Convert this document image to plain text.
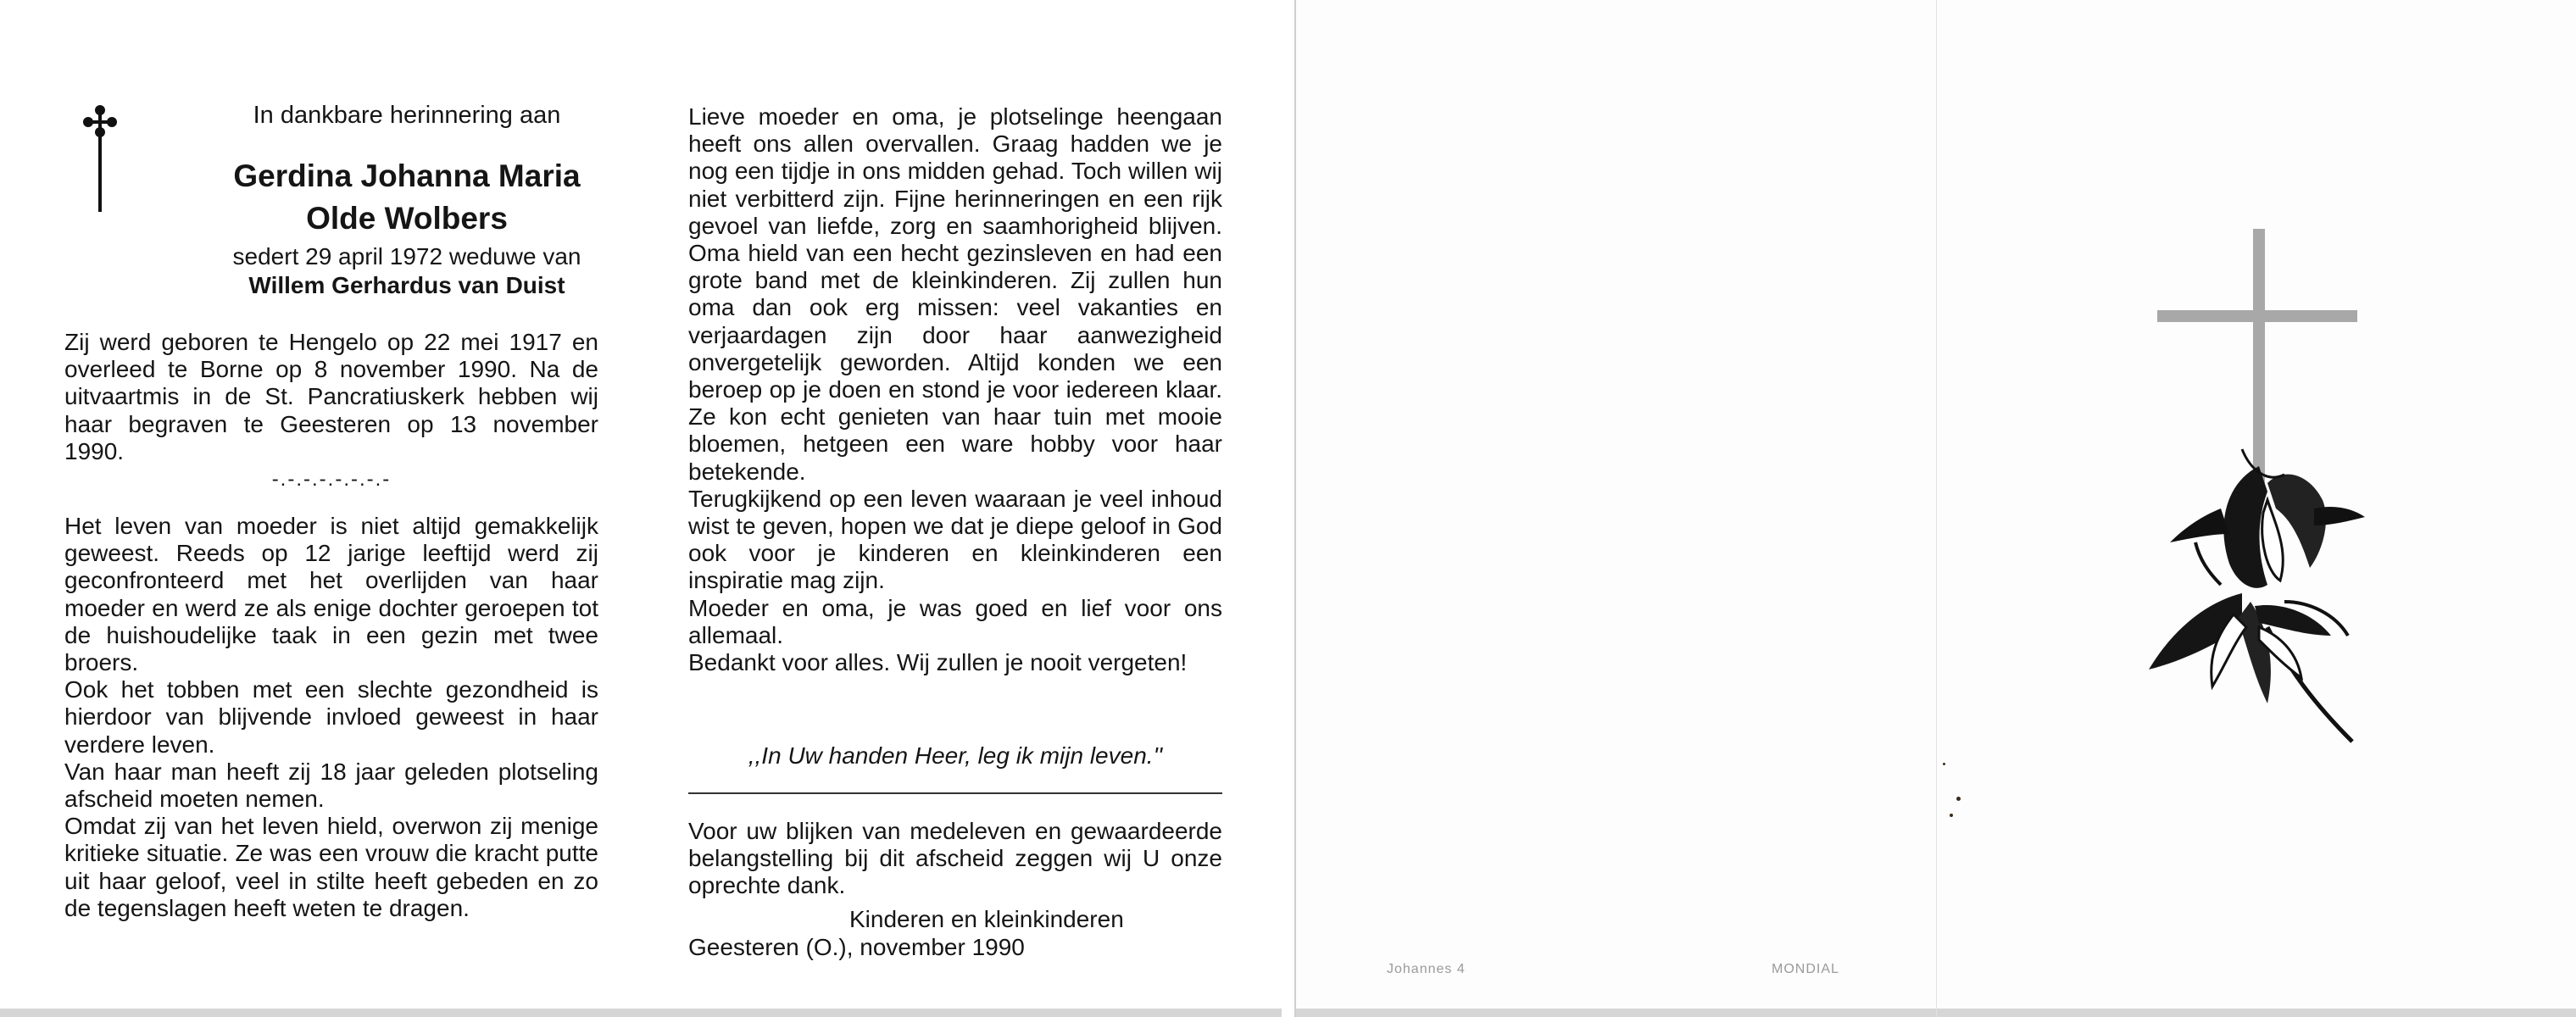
In dankbare herinnering aan
Gerdina Johanna Maria
Olde Wolbers
sedert 29 april 1972 weduwe van
Willem Gerhardus van Duist

Zij werd geboren te Hengelo op 22 mei 1917 en overleed te Borne op 8 november 1990. Na de uitvaartmis in de St. Pancratiuskerk hebben wij haar begraven te Geesteren op 13 november 1990.

-.-.-.-.-.-.-.-

Het leven van moeder is niet altijd gemakkelijk geweest. Reeds op 12 jarige leeftijd werd zij geconfronteerd met het overlijden van haar moeder en werd ze als enige dochter geroepen tot de huishoudelijke taak in een gezin met twee broers.

Ook het tobben met een slechte gezondheid is hierdoor van blijvende invloed geweest in haar verdere leven.

Van haar man heeft zij 18 jaar geleden plotseling afscheid moeten nemen.

Omdat zij van het leven hield, overwon zij menige kritieke situatie. Ze was een vrouw die kracht putte uit haar geloof, veel in stilte heeft gebeden en zo de tegenslagen heeft weten te dragen.

Lieve moeder en oma, je plotselinge heengaan heeft ons allen overvallen. Graag hadden we je nog een tijdje in ons midden gehad. Toch willen wij niet verbitterd zijn. Fijne herinneringen en een rijk gevoel van liefde, zorg en saamhorigheid blijven. Oma hield van een hecht gezinsleven en had een grote band met de kleinkinderen. Zij zullen hun oma dan ook erg missen: veel vakanties en verjaardagen zijn door haar aanwezigheid onvergetelijk geworden. Altijd konden we een beroep op je doen en stond je voor iedereen klaar. Ze kon echt genieten van haar tuin met mooie bloemen, hetgeen een ware hobby voor haar betekende.

Terugkijkend op een leven waaraan je veel inhoud wist te geven, hopen we dat je diepe geloof in God ook voor je kinderen en kleinkinderen een inspiratie mag zijn.

Moeder en oma, je was goed en lief voor ons allemaal.

Bedankt voor alles. Wij zullen je nooit vergeten!

,,In Uw handen Heer, leg ik mijn leven.''

Voor uw blijken van medeleven en gewaardeerde belangstelling bij dit afscheid zeggen wij U onze oprechte dank.

Kinderen en kleinkinderen
Geesteren (O.), november 1990
Johannes 4	MONDIAL
